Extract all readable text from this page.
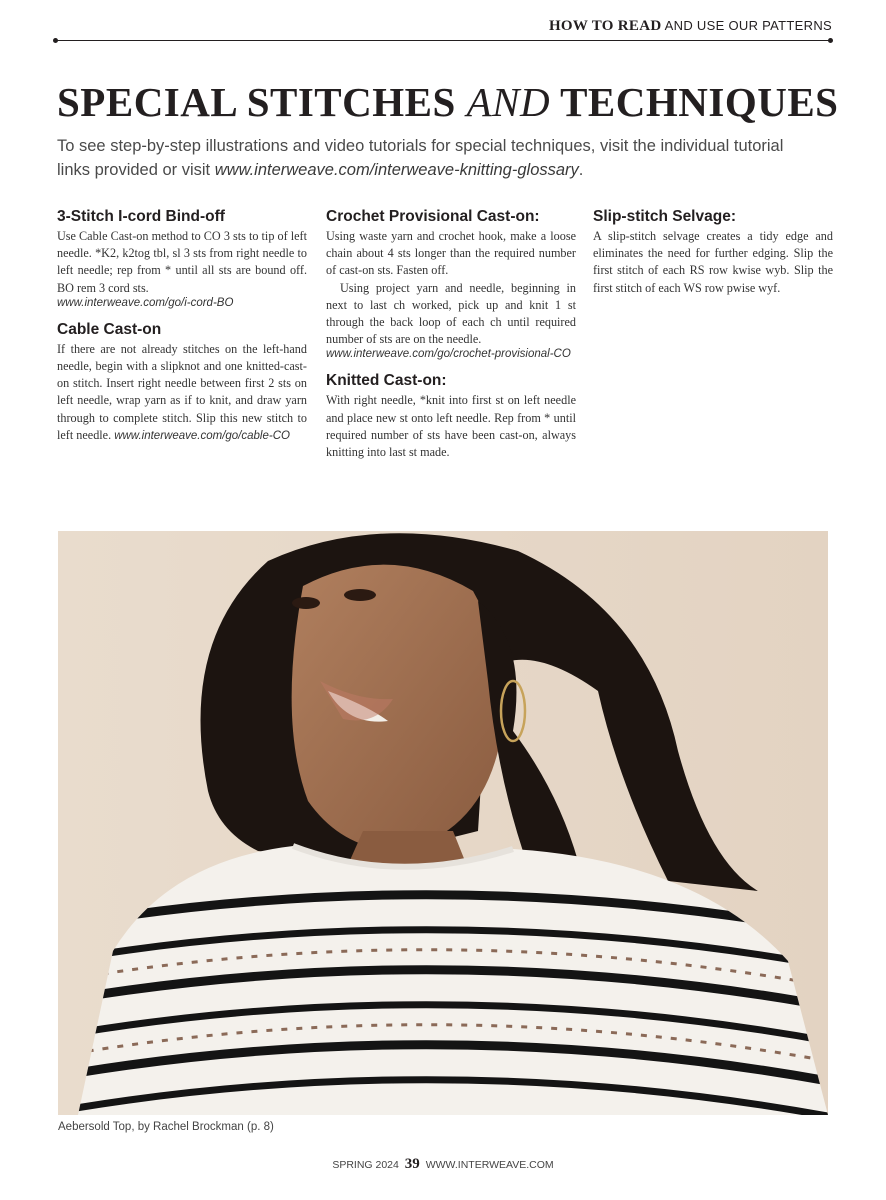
HOW TO READ AND USE OUR PATTERNS
SPECIAL STITCHES AND TECHNIQUES

To see step-by-step illustrations and video tutorials for special techniques, visit the individual tutorial links provided or visit www.interweave.com/interweave-knitting-glossary.

3-Stitch I-cord Bind-off

Use Cable Cast-on method to CO 3 sts to tip of left needle. *K2, k2tog tbl, sl 3 sts from right needle to left needle; rep from * until all sts are bound off. BO rem 3 cord sts.

www.interweave.com/go/i-cord-BO
Cable Cast-on

If there are not already stitches on the left-hand needle, begin with a slipknot and one knitted-cast-on stitch. Insert right needle between first 2 sts on left needle, wrap yarn as if to knit, and draw yarn through to complete stitch. Slip this new stitch to left needle. www.interweave.com/go/cable-CO

Crochet Provisional Cast-on:

Using waste yarn and crochet hook, make a loose chain about 4 sts longer than the required number of cast-on sts. Fasten off.

Using project yarn and needle, beginning in next to last ch worked, pick up and knit 1 st through the back loop of each ch until required number of sts are on the needle.

www.interweave.com/go/crochet-provisional-CO
Knitted Cast-on:

With right needle, *knit into first st on left needle and place new st onto left needle. Rep from * until required number of sts have been cast-on, always knitting into last st made.

Slip-stitch Selvage:

A slip-stitch selvage creates a tidy edge and eliminates the need for further edging. Slip the first stitch of each RS row kwise wyb. Slip the first stitch of each WS row pwise wyf.

Aebersold Top, by Rachel Brockman (p. 8)
SPRING 2024 39 WWW.INTERWEAVE.COM
